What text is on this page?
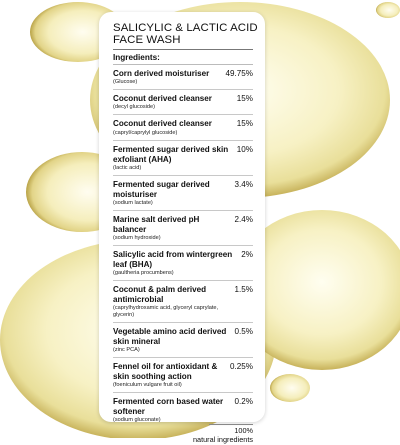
SALICYLIC & LACTIC ACID
FACE WASH
Ingredients:
Corn derived moisturiser
(Glucose)
49.75%
Coconut derived cleanser
(decyl glucoside)
15%
Coconut derived cleanser
(capryl/caprylyl glucoside)
15%
Fermented sugar derived skin exfoliant (AHA)
(lactic acid)
10%
Fermented sugar derived moisturiser
(sodium lactate)
3.4%
Marine salt derived pH balancer
(sodium hydroxide)
2.4%
Salicylic acid from wintergreen leaf (BHA)
(gaultheria procumbens)
2%
Coconut & palm derived antimicrobial
(caprylhydroxamic acid, glyceryl caprylate, glycerin)
1.5%
Vegetable amino acid derived skin mineral
(zinc PCA)
0.5%
Fennel oil for antioxidant & skin soothing action
(foeniculum vulgare fruit oil)
0.25%
Fermented corn based water softener
(sodium gluconate)
0.2%
100%
natural ingredients
